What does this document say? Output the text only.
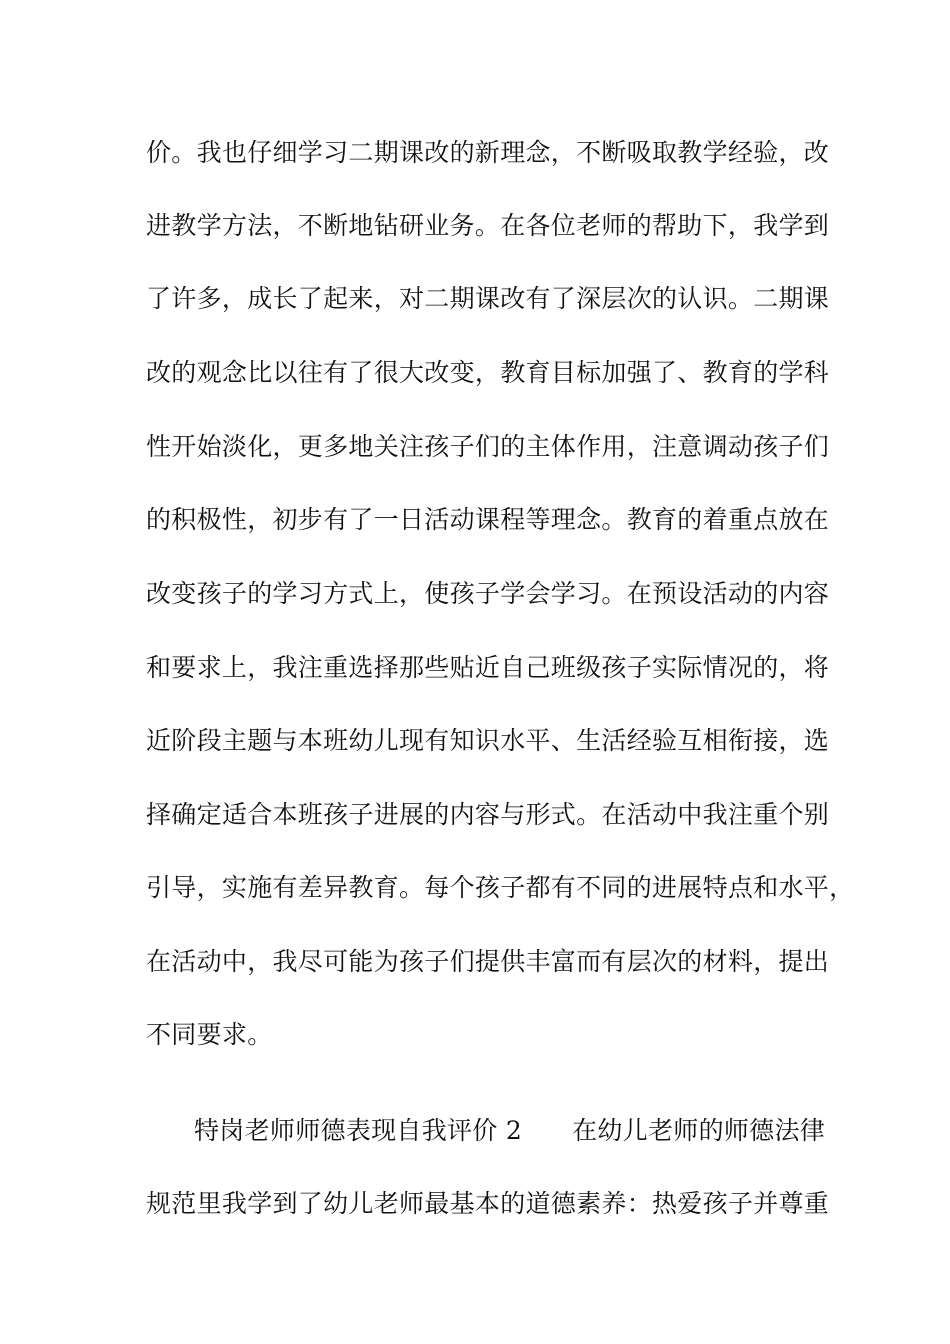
价。我也仔细学习二期课改的新理念，不断吸取教学经验，改
进教学方法，不断地钻研业务。在各位老师的帮助下，我学到
了许多，成长了起来，对二期课改有了深层次的认识。二期课
改的观念比以往有了很大改变，教育目标加强了、教育的学科
性开始淡化，更多地关注孩子们的主体作用，注意调动孩子们
的积极性，初步有了一日活动课程等理念。教育的着重点放在
改变孩子的学习方式上，使孩子学会学习。在预设活动的内容
和要求上，我注重选择那些贴近自己班级孩子实际情况的，将
近阶段主题与本班幼儿现有知识水平、生活经验互相衔接，选
择确定适合本班孩子进展的内容与形式。在活动中我注重个别
引导，实施有差异教育。每个孩子都有不同的进展特点和水平，
在活动中，我尽可能为孩子们提供丰富而有层次的材料，提出
不同要求。
特岗老师师德表现自我评价 2 在幼儿老师的师德法律
规范里我学到了幼儿老师最基本的道德素养：热爱孩子并尊重
